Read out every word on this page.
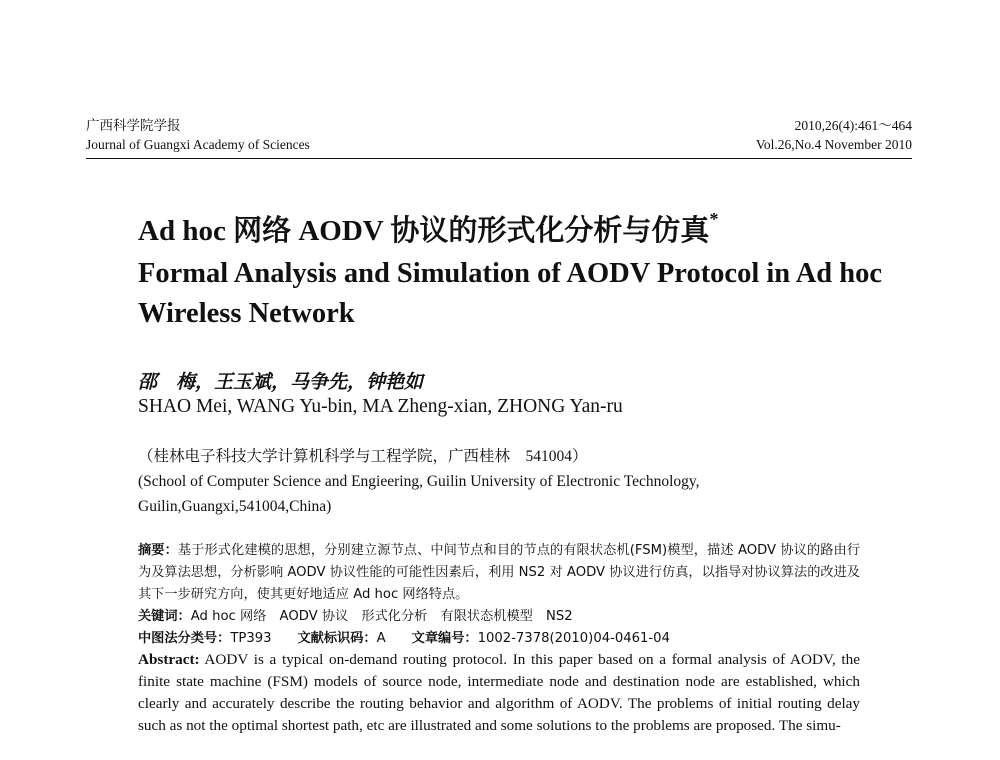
广西科学院学报	2010,26(4):461～464
Journal of Guangxi Academy of Sciences	Vol.26,No.4 November 2010
Ad hoc 网络 AODV 协议的形式化分析与仿真*
Formal Analysis and Simulation of AODV Protocol in Ad hoc Wireless Network
邵　梅，王玉斌，马争先，钟艳如
SHAO Mei, WANG Yu-bin, MA Zheng-xian, ZHONG Yan-ru
（桂林电子科技大学计算机科学与工程学院，广西桂林　541004）
(School of Computer Science and Engieering, Guilin University of Electronic Technology, Guilin,Guangxi,541004,China)
摘要：基于形式化建模的思想，分别建立源节点、中间节点和目的节点的有限状态机(FSM)模型，描述 AODV 协议的路由行为及算法思想，分析影响 AODV 协议性能的可能性因素后，利用 NS2 对 AODV 协议进行仿真，以指导对协议算法的改进及其下一步研究方向，使其更好地适应 Ad hoc 网络特点。
关键词：Ad hoc 网络　AODV 协议　形式化分析　有限状态机模型　NS2
中图法分类号：TP393 文献标识码：A 文章编号：1002-7378(2010)04-0461-04
Abstract: AODV is a typical on-demand routing protocol. In this paper based on a formal analysis of AODV, the finite state machine (FSM) models of source node, intermediate node and destination node are established, which clearly and accurately describe the routing behavior and algorithm of AODV. The problems of initial routing delay such as not the optimal shortest path, etc are illustrated and some solutions to the problems are proposed. The simu-
